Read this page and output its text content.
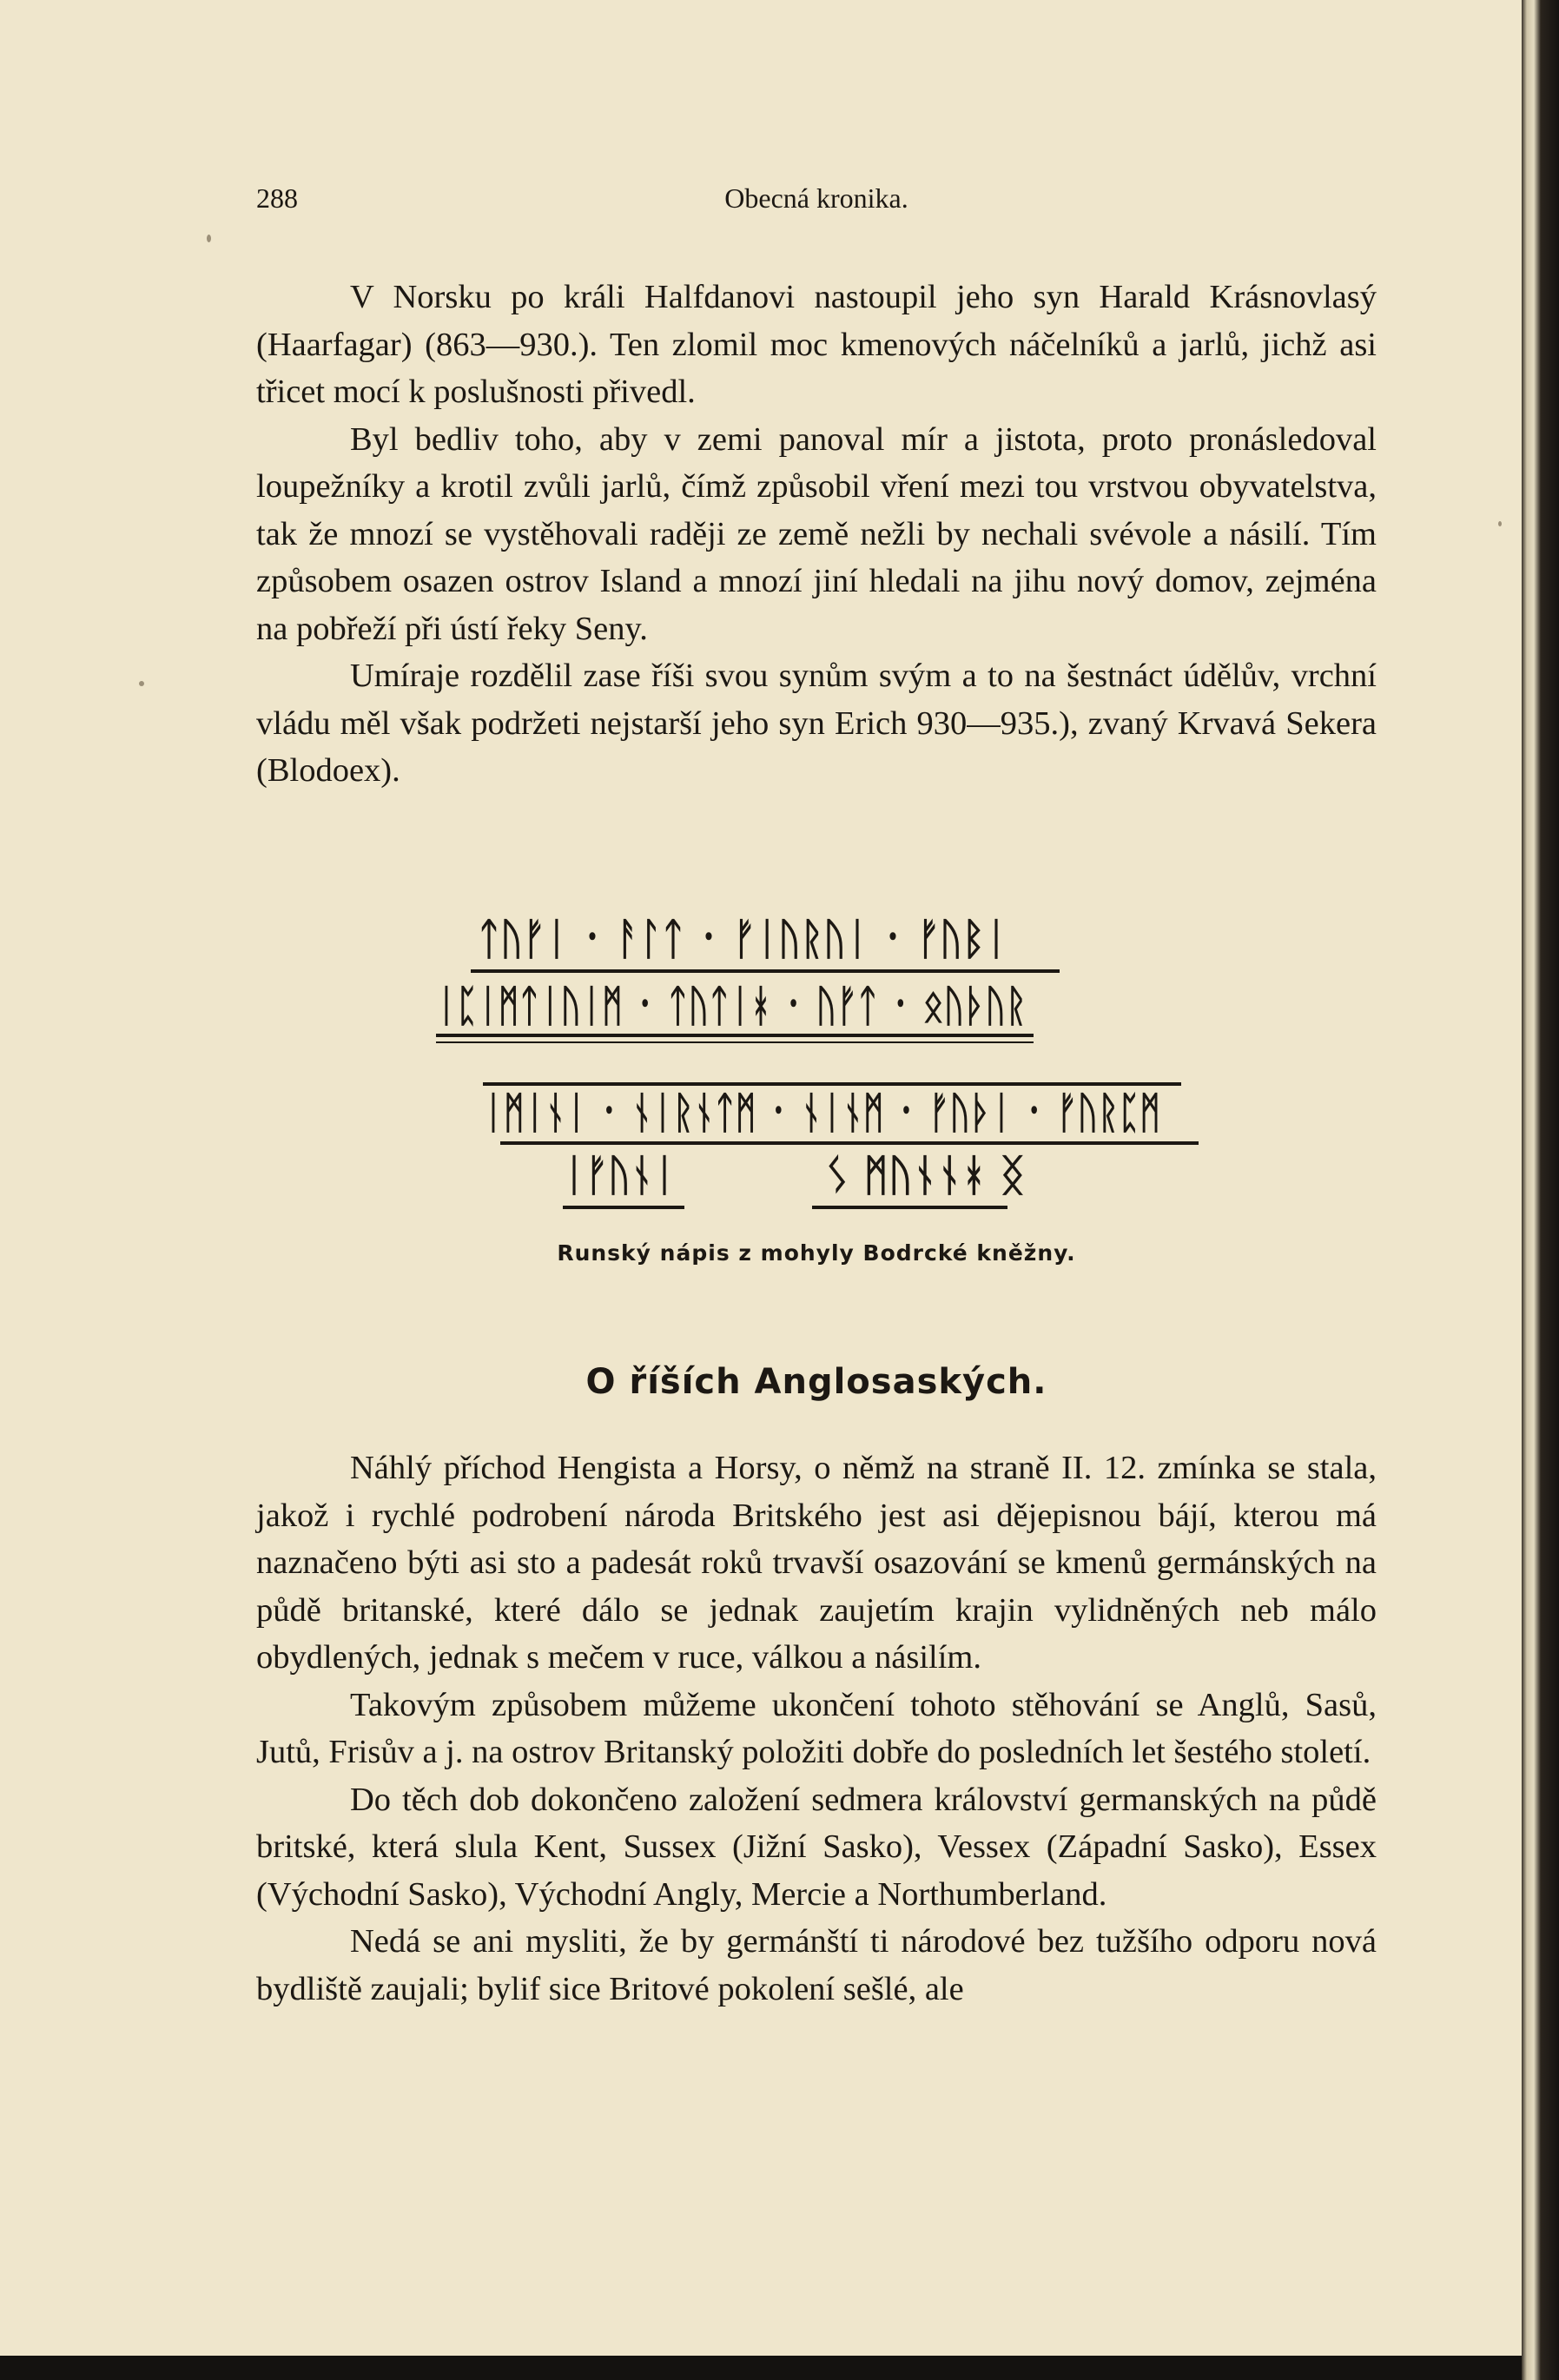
288	Obecná kronika.

V Norsku po králi Halfdanovi nastoupil jeho syn Harald Krásnovlasý (Haarfagar) (863—930.). Ten zlomil moc kmenových náčelníků a jarlů, jichž asi třicet mocí k poslušnosti přivedl.

Byl bedliv toho, aby v zemi panoval mír a jistota, proto pronásledoval loupežníky a krotil zvůli jarlů, čímž způsobil vření mezi tou vrstvou obyvatelstva, tak že mnozí se vystěhovali raději ze země nežli by nechali svévole a násilí. Tím způsobem osazen ostrov Island a mnozí jiní hledali na jihu nový domov, zejména na pobřeží při ústí řeky Seny.

Umíraje rozdělil zase říši svou synům svým a to na šestnáct údělův, vrchní vládu měl však podržeti nejstarší jeho syn Erich 930—935.), zvaný Krvavá Sekera (Blodoex).

ᛏᚢᚠᛁ ᛫ ᚨᛚᛏ ᛫ ᚠᛁᚢᚱᚢᛁ ᛫ ᚠᚢᛒᛁ
ᛁᛈᛁᛗᛏᛁᚢᛁᛗ ᛫ ᛏᚢᛏᛁᚼ ᛫ ᚢᚠᛏ ᛫ ᛟᚢᚦᚢᚱ
ᛁᛗᛁᚾᛁ ᛫ ᚾᛁᚱᚾᛏᛗ ᛫ ᚾᛁᚾᛗ ᛫ ᚠᚢᚦᛁ ᛫ ᚠᚢᚱᛈᛗ
ᛁᚠᚢᚾᛁ	ᛊ ᛗᚢᚾᚾᚼ ᛝ
Runský nápis z mohyly Bodrcké kněžny.
O říších Anglosaských.

Náhlý příchod Hengista a Horsy, o němž na straně II. 12. zmínka se stala, jakož i rychlé podrobení národa Britského jest asi dějepisnou bájí, kterou má naznačeno býti asi sto a padesát roků trvavší osazování se kmenů germánských na půdě britanské, které dálo se jednak zaujetím krajin vylidněných neb málo obydlených, jednak s mečem v ruce, válkou a násilím.

Takovým způsobem můžeme ukončení tohoto stěhování se Anglů, Sasů, Jutů, Frisův a j. na ostrov Britanský položiti dobře do posledních let šestého století.

Do těch dob dokončeno založení sedmera království germanských na půdě britské, která slula Kent, Sussex (Jižní Sasko), Vessex (Západní Sasko), Essex (Východní Sasko), Východní Angly, Mercie a Northumberland.

Nedá se ani mysliti, že by germánští ti národové bez tužšího odporu nová bydliště zaujali; bylif sice Britové pokolení sešlé, ale
